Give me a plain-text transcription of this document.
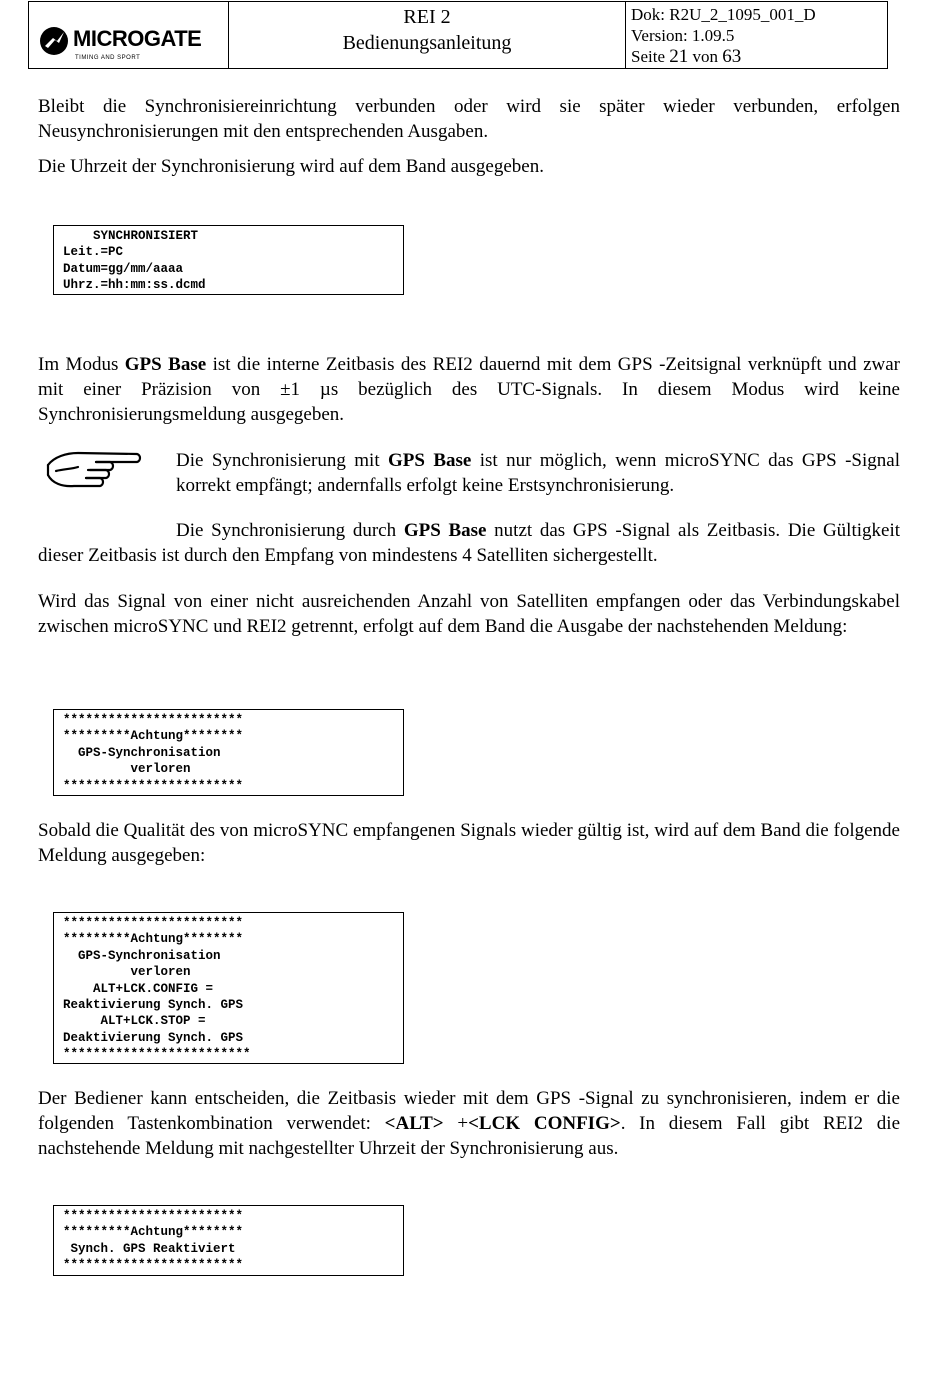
MICROGATE
TIMING AND SPORT
REI 2
Bedienungsanleitung
Dok: R2U_2_1095_001_D
Version: 1.09.5
Seite 21 von 63

Bleibt die Synchronisiereinrichtung verbunden oder wird sie später wieder verbunden, erfolgen Neusynchronisierungen mit den entsprechenden Ausgaben.

Die Uhrzeit der Synchronisierung wird auf dem Band ausgegeben.

SYNCHRONISIERT
Leit.=PC
Datum=gg/mm/aaaa
Uhrz.=hh:mm:ss.dcmd

Im Modus GPS Base ist die interne Zeitbasis des REI2 dauernd mit dem GPS -Zeitsignal verknüpft und zwar mit einer Präzision von ±1 µs bezüglich des UTC-Signals. In diesem Modus wird keine Synchronisierungsmeldung ausgegeben.

Die Synchronisierung mit GPS Base ist nur möglich, wenn microSYNC das GPS -Signal korrekt empfängt; andernfalls erfolgt keine Erstsynchronisierung.

Die Synchronisierung durch GPS Base nutzt das GPS -Signal als Zeitbasis. Die Gültigkeit dieser Zeitbasis ist durch den Empfang von mindestens 4 Satelliten sichergestellt.

Wird das Signal von einer nicht ausreichenden Anzahl von Satelliten empfangen oder das Verbindungskabel zwischen microSYNC und REI2 getrennt, erfolgt auf dem Band die Ausgabe der nachstehenden Meldung:

************************
*********Achtung********
GPS-Synchronisation
verloren
************************

Sobald die Qualität des von microSYNC empfangenen Signals wieder gültig ist, wird auf dem Band die folgende Meldung ausgegeben:

************************
*********Achtung********
GPS-Synchronisation
verloren
ALT+LCK.CONFIG =
Reaktivierung Synch. GPS
ALT+LCK.STOP =
Deaktivierung Synch. GPS
*************************

Der Bediener kann entscheiden, die Zeitbasis wieder mit dem GPS -Signal zu synchronisieren, indem er die folgenden Tastenkombination verwendet: <ALT> +<LCK CONFIG>. In diesem Fall gibt REI2 die nachstehende Meldung mit nachgestellter Uhrzeit der Synchronisierung aus.

************************
*********Achtung********
Synch. GPS Reaktiviert
************************
